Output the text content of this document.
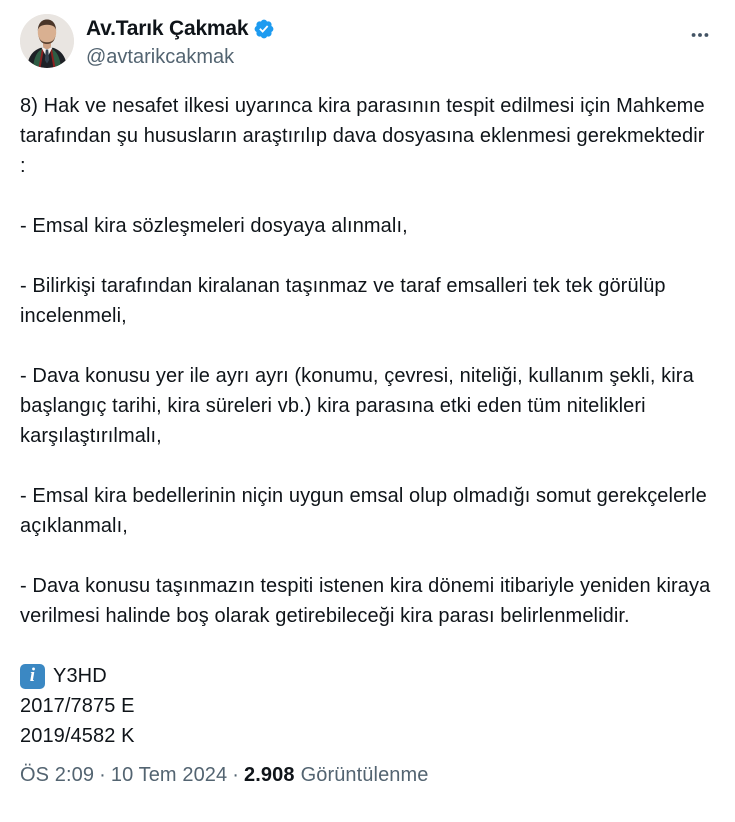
Av.Tarık Çakmak
@avtarikcakmak

8) Hak ve nesafet ilkesi uyarınca kira parasının tespit edilmesi için Mahkeme tarafından şu hususların araştırılıp dava dosyasına eklenmesi gerekmektedir :

- Emsal kira sözleşmeleri dosyaya alınmalı,

- Bilirkişi tarafından kiralanan taşınmaz ve taraf emsalleri tek tek görülüp incelenmeli,

- Dava konusu yer ile ayrı ayrı (konumu, çevresi, niteliği, kullanım şekli, kira başlangıç tarihi, kira süreleri vb.) kira parasına etki eden tüm nitelikleri karşılaştırılmalı,

- Emsal kira bedellerinin niçin uygun emsal olup olmadığı somut gerekçelerle açıklanmalı,

- Dava konusu taşınmazın tespiti istenen kira dönemi itibariyle yeniden kiraya verilmesi halinde boş olarak getirebileceği kira parası belirlenmelidir.

i Y3HD

2017/7875 E

2019/4582 K

ÖS 2:09 · 10 Tem 2024 · 2.908 Görüntülenme
